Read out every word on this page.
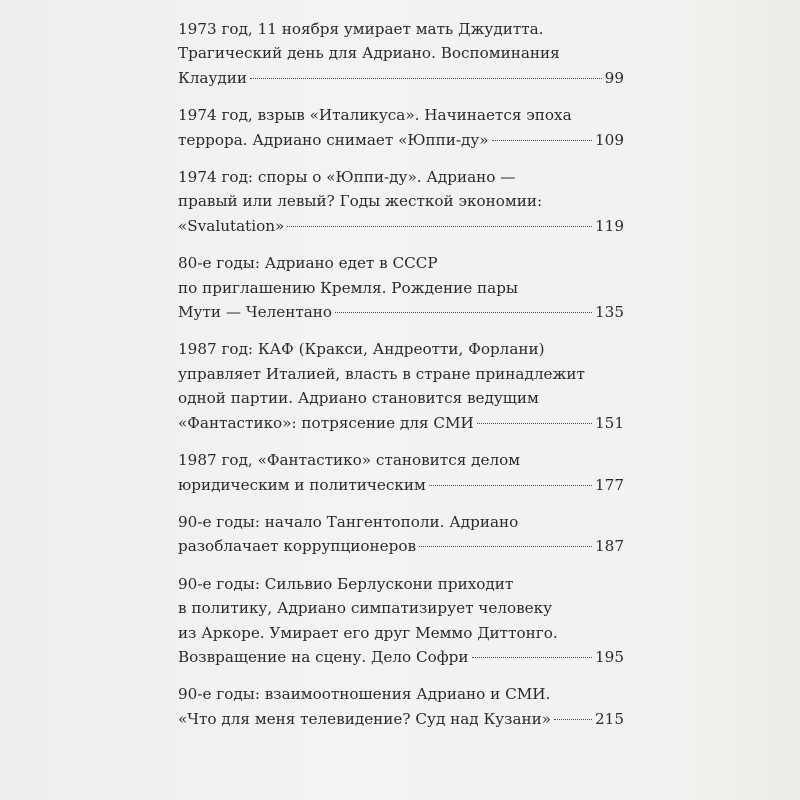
1973 год, 11 ноября умирает мать Джудитта.
Трагический день для Адриано. Воспоминания
Клаудии	99
1974 год, взрыв «Италикуса». Начинается эпоха
террора. Адриано снимает «Юппи-ду»	109
1974 год: споры о «Юппи-ду». Адриано —
правый или левый? Годы жесткой экономии:
«Svalutation»	119
80-е годы: Адриано едет в СССР
по приглашению Кремля. Рождение пары
Мути — Челентано	135
1987 год: КАФ (Кракси, Андреотти, Форлани)
управляет Италией, власть в стране принадлежит
одной партии. Адриано становится ведущим
«Фантастико»: потрясение для СМИ	151
1987 год, «Фантастико» становится делом
юридическим и политическим	177
90-е годы: начало Тангентополи. Адриано
разоблачает коррупционеров	187
90-е годы: Сильвио Берлускони приходит
в политику, Адриано симпатизирует человеку
из Аркоре. Умирает его друг Меммо Диттонго.
Возвращение на сцену. Дело Софри	195
90-е годы: взаимоотношения Адриано и СМИ.
«Что для меня телевидение? Суд над Кузани»	215
